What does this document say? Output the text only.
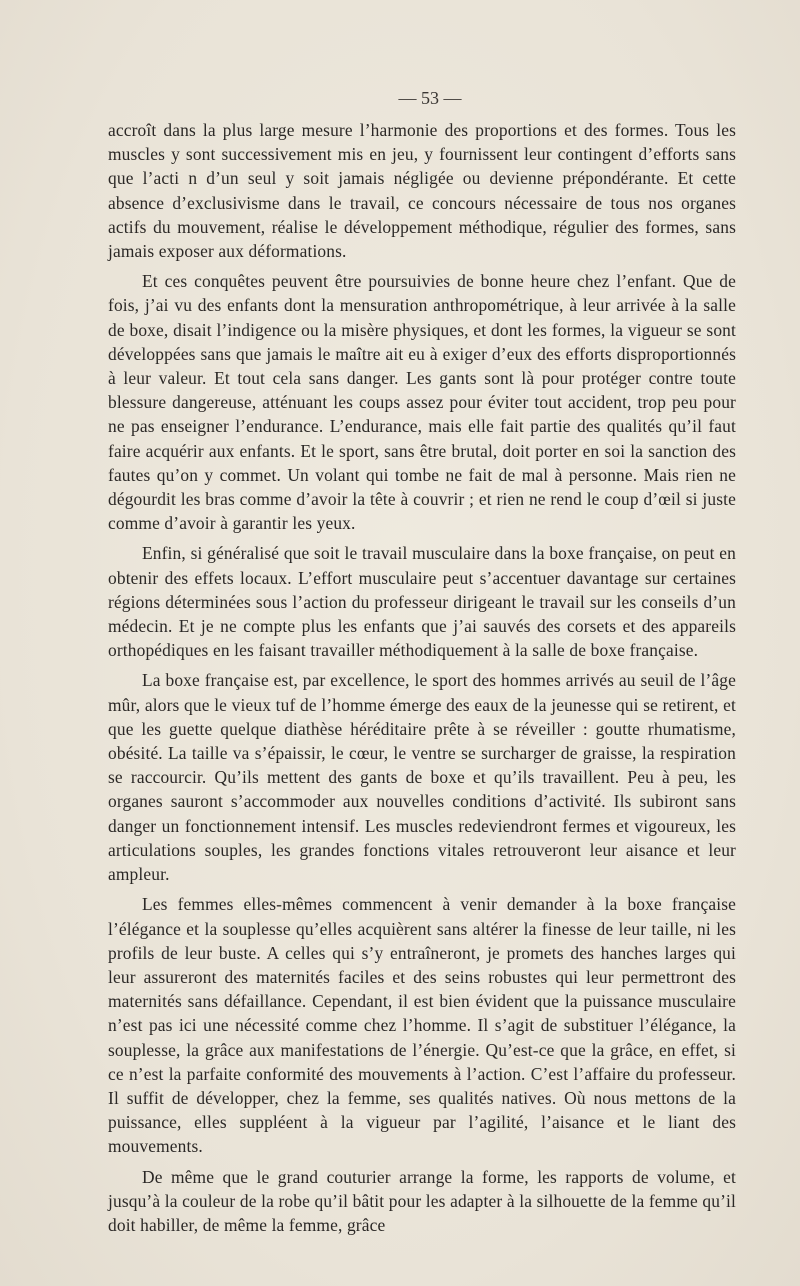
— 53 —

accroît dans la plus large mesure l’harmonie des proportions et des formes. Tous les muscles y sont successivement mis en jeu, y fournissent leur contingent d’efforts sans que l’acti n d’un seul y soit jamais négligée ou devienne prépondérante. Et cette absence d’exclusivisme dans le travail, ce concours nécessaire de tous nos organes actifs du mouvement, réalise le développement méthodique, régulier des formes, sans jamais exposer aux déformations.

Et ces conquêtes peuvent être poursuivies de bonne heure chez l’enfant. Que de fois, j’ai vu des enfants dont la mensuration anthropométrique, à leur arrivée à la salle de boxe, disait l’indigence ou la misère physiques, et dont les formes, la vigueur se sont développées sans que jamais le maître ait eu à exiger d’eux des efforts disproportionnés à leur valeur. Et tout cela sans danger. Les gants sont là pour protéger contre toute blessure dangereuse, atténuant les coups assez pour éviter tout accident, trop peu pour ne pas enseigner l’endurance. L’endurance, mais elle fait partie des qualités qu’il faut faire acquérir aux enfants. Et le sport, sans être brutal, doit porter en soi la sanction des fautes qu’on y commet. Un volant qui tombe ne fait de mal à personne. Mais rien ne dégourdit les bras comme d’avoir la tête à couvrir ; et rien ne rend le coup d’œil si juste comme d’avoir à garantir les yeux.

Enfin, si généralisé que soit le travail musculaire dans la boxe française, on peut en obtenir des effets locaux. L’effort musculaire peut s’accentuer davantage sur certaines régions déterminées sous l’action du professeur dirigeant le travail sur les conseils d’un médecin. Et je ne compte plus les enfants que j’ai sauvés des corsets et des appareils orthopédiques en les faisant travailler méthodiquement à la salle de boxe française.

La boxe française est, par excellence, le sport des hommes arrivés au seuil de l’âge mûr, alors que le vieux tuf de l’homme émerge des eaux de la jeunesse qui se retirent, et que les guette quelque diathèse héréditaire prête à se réveiller : goutte rhumatisme, obésité. La taille va s’épaissir, le cœur, le ventre se surcharger de graisse, la respiration se raccourcir. Qu’ils mettent des gants de boxe et qu’ils travaillent. Peu à peu, les organes sauront s’accommoder aux nouvelles conditions d’activité. Ils subiront sans danger un fonctionnement intensif. Les muscles redeviendront fermes et vigoureux, les articulations souples, les grandes fonctions vitales retrouveront leur aisance et leur ampleur.

Les femmes elles-mêmes commencent à venir demander à la boxe française l’élégance et la souplesse qu’elles acquièrent sans altérer la finesse de leur taille, ni les profils de leur buste. A celles qui s’y entraîneront, je promets des hanches larges qui leur assureront des maternités faciles et des seins robustes qui leur permettront des maternités sans défaillance. Cependant, il est bien évident que la puissance musculaire n’est pas ici une nécessité comme chez l’homme. Il s’agit de substituer l’élégance, la souplesse, la grâce aux manifestations de l’énergie. Qu’est-ce que la grâce, en effet, si ce n’est la parfaite conformité des mouvements à l’action. C’est l’affaire du professeur. Il suffit de développer, chez la femme, ses qualités natives. Où nous mettons de la puissance, elles suppléent à la vigueur par l’agilité, l’aisance et le liant des mouvements.

De même que le grand couturier arrange la forme, les rapports de volume, et jusqu’à la couleur de la robe qu’il bâtit pour les adapter à la silhouette de la femme qu’il doit habiller, de même la femme, grâce
